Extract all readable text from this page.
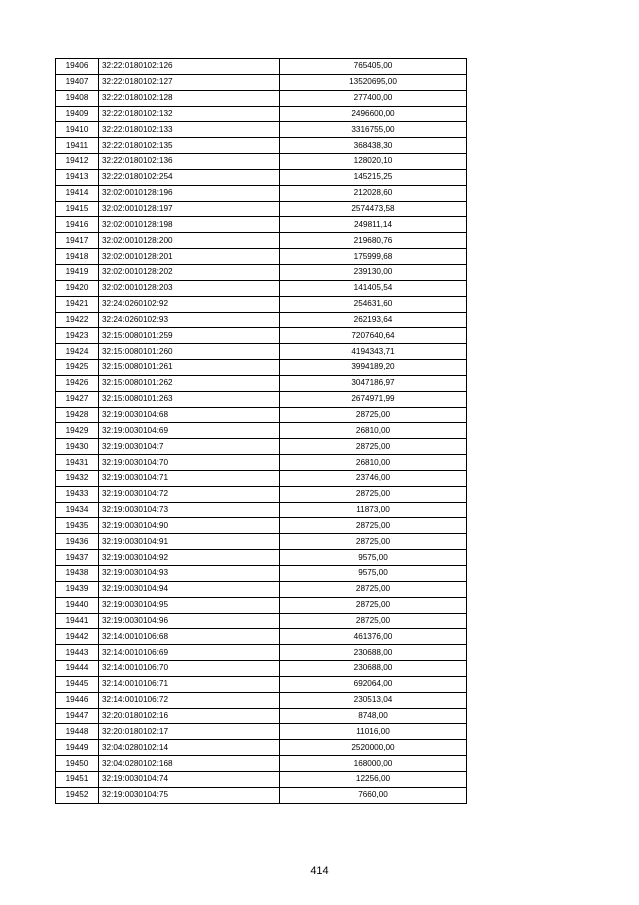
19406	32:22:0180102:126	765405,00
19407	32:22:0180102:127	13520695,00
19408	32:22:0180102:128	277400,00
19409	32:22:0180102:132	2496600,00
19410	32:22:0180102:133	3316755,00
19411	32:22:0180102:135	368438,30
19412	32:22:0180102:136	128020,10
19413	32:22:0180102:254	145215,25
19414	32:02:0010128:196	212028,60
19415	32:02:0010128:197	2574473,58
19416	32:02:0010128:198	249811,14
19417	32:02:0010128:200	219680,76
19418	32:02:0010128:201	175999,68
19419	32:02:0010128:202	239130,00
19420	32:02:0010128:203	141405,54
19421	32:24:0260102:92	254631,60
19422	32:24:0260102:93	262193,64
19423	32:15:0080101:259	7207640,64
19424	32:15:0080101:260	4194343,71
19425	32:15:0080101:261	3994189,20
19426	32:15:0080101:262	3047186,97
19427	32:15:0080101:263	2674971,99
19428	32:19:0030104:68	28725,00
19429	32:19:0030104:69	26810,00
19430	32:19:0030104:7	28725,00
19431	32:19:0030104:70	26810,00
19432	32:19:0030104:71	23746,00
19433	32:19:0030104:72	28725,00
19434	32:19:0030104:73	11873,00
19435	32:19:0030104:90	28725,00
19436	32:19:0030104:91	28725,00
19437	32:19:0030104:92	9575,00
19438	32:19:0030104:93	9575,00
19439	32:19:0030104:94	28725,00
19440	32:19:0030104:95	28725,00
19441	32:19:0030104:96	28725,00
19442	32:14:0010106:68	461376,00
19443	32:14:0010106:69	230688,00
19444	32:14:0010106:70	230688,00
19445	32:14:0010106:71	692064,00
19446	32:14:0010106:72	230513,04
19447	32:20:0180102:16	8748,00
19448	32:20:0180102:17	11016,00
19449	32:04:0280102:14	2520000,00
19450	32:04:0280102:168	168000,00
19451	32:19:0030104:74	12256,00
19452	32:19:0030104:75	7660,00
414
